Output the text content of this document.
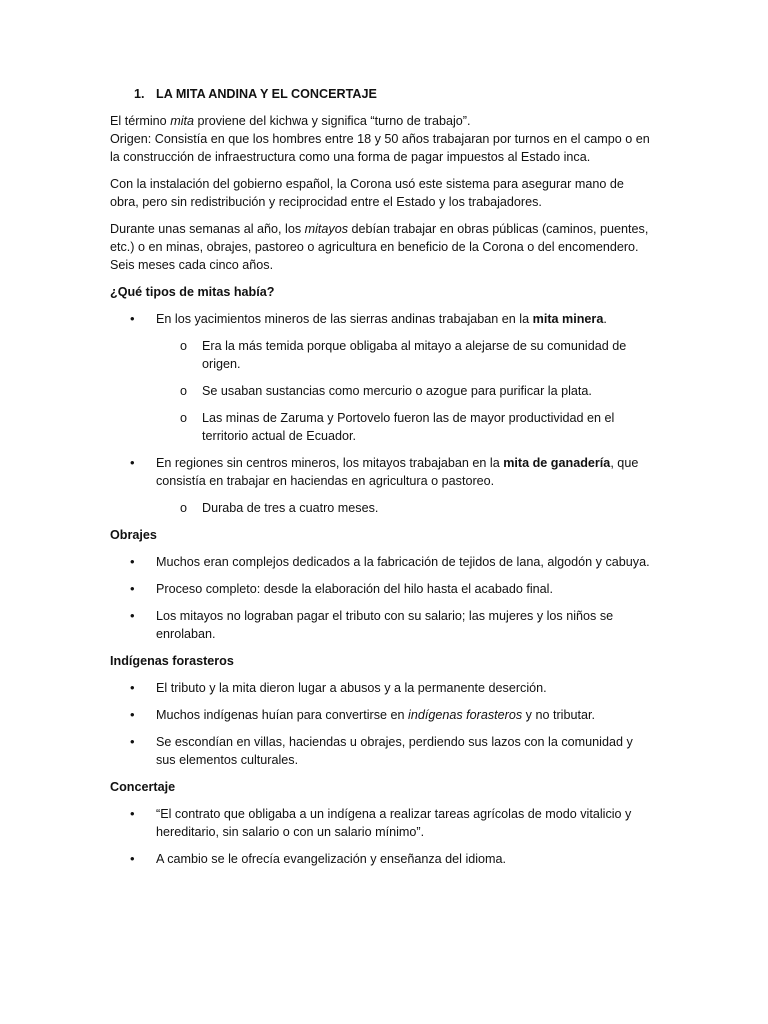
1. LA MITA ANDINA Y EL CONCERTAJE

El término mita proviene del kichwa y significa “turno de trabajo”.
Origen: Consistía en que los hombres entre 18 y 50 años trabajaran por turnos en el campo o en la construcción de infraestructura como una forma de pagar impuestos al Estado inca.

Con la instalación del gobierno español, la Corona usó este sistema para asegurar mano de obra, pero sin redistribución y reciprocidad entre el Estado y los trabajadores.

Durante unas semanas al año, los mitayos debían trabajar en obras públicas (caminos, puentes, etc.) o en minas, obrajes, pastoreo o agricultura en beneficio de la Corona o del encomendero.
Seis meses cada cinco años.

¿Qué tipos de mitas había?

• En los yacimientos mineros de las sierras andinas trabajaban en la mita minera.
o Era la más temida porque obligaba al mitayo a alejarse de su comunidad de origen.
o Se usaban sustancias como mercurio o azogue para purificar la plata.
o Las minas de Zaruma y Portovelo fueron las de mayor productividad en el territorio actual de Ecuador.
• En regiones sin centros mineros, los mitayos trabajaban en la mita de ganadería, que consistía en trabajar en haciendas en agricultura o pastoreo.
o Duraba de tres a cuatro meses.

Obrajes

• Muchos eran complejos dedicados a la fabricación de tejidos de lana, algodón y cabuya.
• Proceso completo: desde la elaboración del hilo hasta el acabado final.
• Los mitayos no lograban pagar el tributo con su salario; las mujeres y los niños se enrolaban.

Indígenas forasteros

• El tributo y la mita dieron lugar a abusos y a la permanente deserción.
• Muchos indígenas huían para convertirse en indígenas forasteros y no tributar.
• Se escondían en villas, haciendas u obrajes, perdiendo sus lazos con la comunidad y sus elementos culturales.

Concertaje

• “El contrato que obligaba a un indígena a realizar tareas agrícolas de modo vitalicio y hereditario, sin salario o con un salario mínimo”.
• A cambio se le ofrecía evangelización y enseñanza del idioma.
